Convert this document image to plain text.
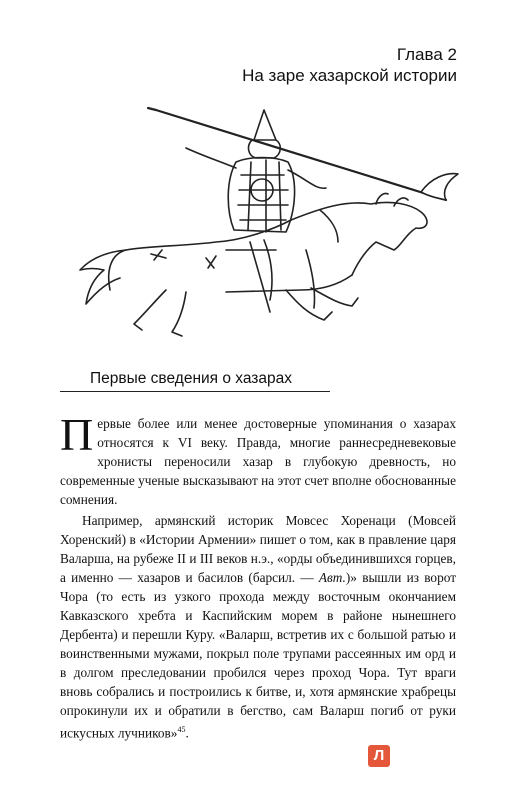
Глава 2
На заре хазарской истории
Первые сведения о хазарах

Первые более или менее достоверные упоминания о хазарах относятся к VI веку. Правда, многие раннесредневековые хронисты переносили хазар в глубокую древность, но современные ученые высказывают на этот счет вполне обоснованные сомнения.

Например, армянский историк Мовсес Хоренаци (Мовсей Хоренский) в «Истории Армении» пишет о том, как в правление царя Валарша, на рубеже II и III веков н.э., «орды объединившихся горцев, а именно — хазаров и басилов (барсил. — Авт.)» вышли из ворот Чора (то есть из узкого прохода между восточным окончанием Кавказского хребта и Каспийским морем в районе нынешнего Дербента) и перешли Куру. «Валарш, встретив их с большой ратью и воинственными мужами, покрыл поле трупами рассеянных им орд и в долгом преследовании пробился через проход Чора. Тут враги вновь собрались и построились к битве, и, хотя армянские храбрецы опрокинули их и обратили в бегство, сам Валарш погиб от руки искусных лучников»$^{45}$.

Л
